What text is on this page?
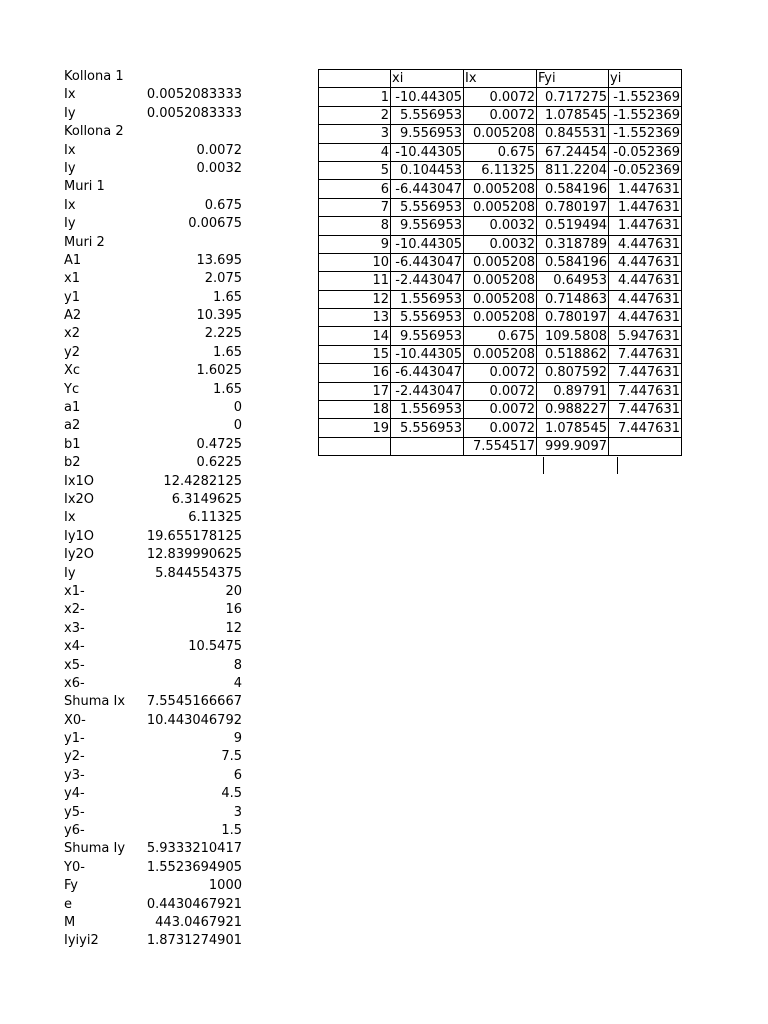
Kollona 1
Ix	0.0052083333
Iy	0.0052083333
Kollona 2
Ix	0.0072
Iy	0.0032
Muri 1
Ix	0.675
Iy	0.00675
Muri 2
A1	13.695
x1	2.075
y1	1.65
A2	10.395
x2	2.225
y2	1.65
Xc	1.6025
Yc	1.65
a1	0
a2	0
b1	0.4725
b2	0.6225
Ix1O	12.4282125
Ix2O	6.3149625
Ix	6.11325
Iy1O	19.655178125
Iy2O	12.839990625
Iy	5.844554375
x1-	20
x2-	16
x3-	12
x4-	10.5475
x5-	8
x6-	4
Shuma Ix	7.5545166667
X0-	10.443046792
y1-	9
y2-	7.5
y3-	6
y4-	4.5
y5-	3
y6-	1.5
Shuma Iy	5.9333210417
Y0-	1.5523694905
Fy	1000
e	0.4430467921
M	443.0467921
Iyiyi2	1.8731274901
	xi	Ix	Fyi	yi
1	-10.44305	0.0072	0.717275	-1.552369
2	5.556953	0.0072	1.078545	-1.552369
3	9.556953	0.005208	0.845531	-1.552369
4	-10.44305	0.675	67.24454	-0.052369
5	0.104453	6.11325	811.2204	-0.052369
6	-6.443047	0.005208	0.584196	1.447631
7	5.556953	0.005208	0.780197	1.447631
8	9.556953	0.0032	0.519494	1.447631
9	-10.44305	0.0032	0.318789	4.447631
10	-6.443047	0.005208	0.584196	4.447631
11	-2.443047	0.005208	0.64953	4.447631
12	1.556953	0.005208	0.714863	4.447631
13	5.556953	0.005208	0.780197	4.447631
14	9.556953	0.675	109.5808	5.947631
15	-10.44305	0.005208	0.518862	7.447631
16	-6.443047	0.0072	0.807592	7.447631
17	-2.443047	0.0072	0.89791	7.447631
18	1.556953	0.0072	0.988227	7.447631
19	5.556953	0.0072	1.078545	7.447631
		7.554517	999.9097	
